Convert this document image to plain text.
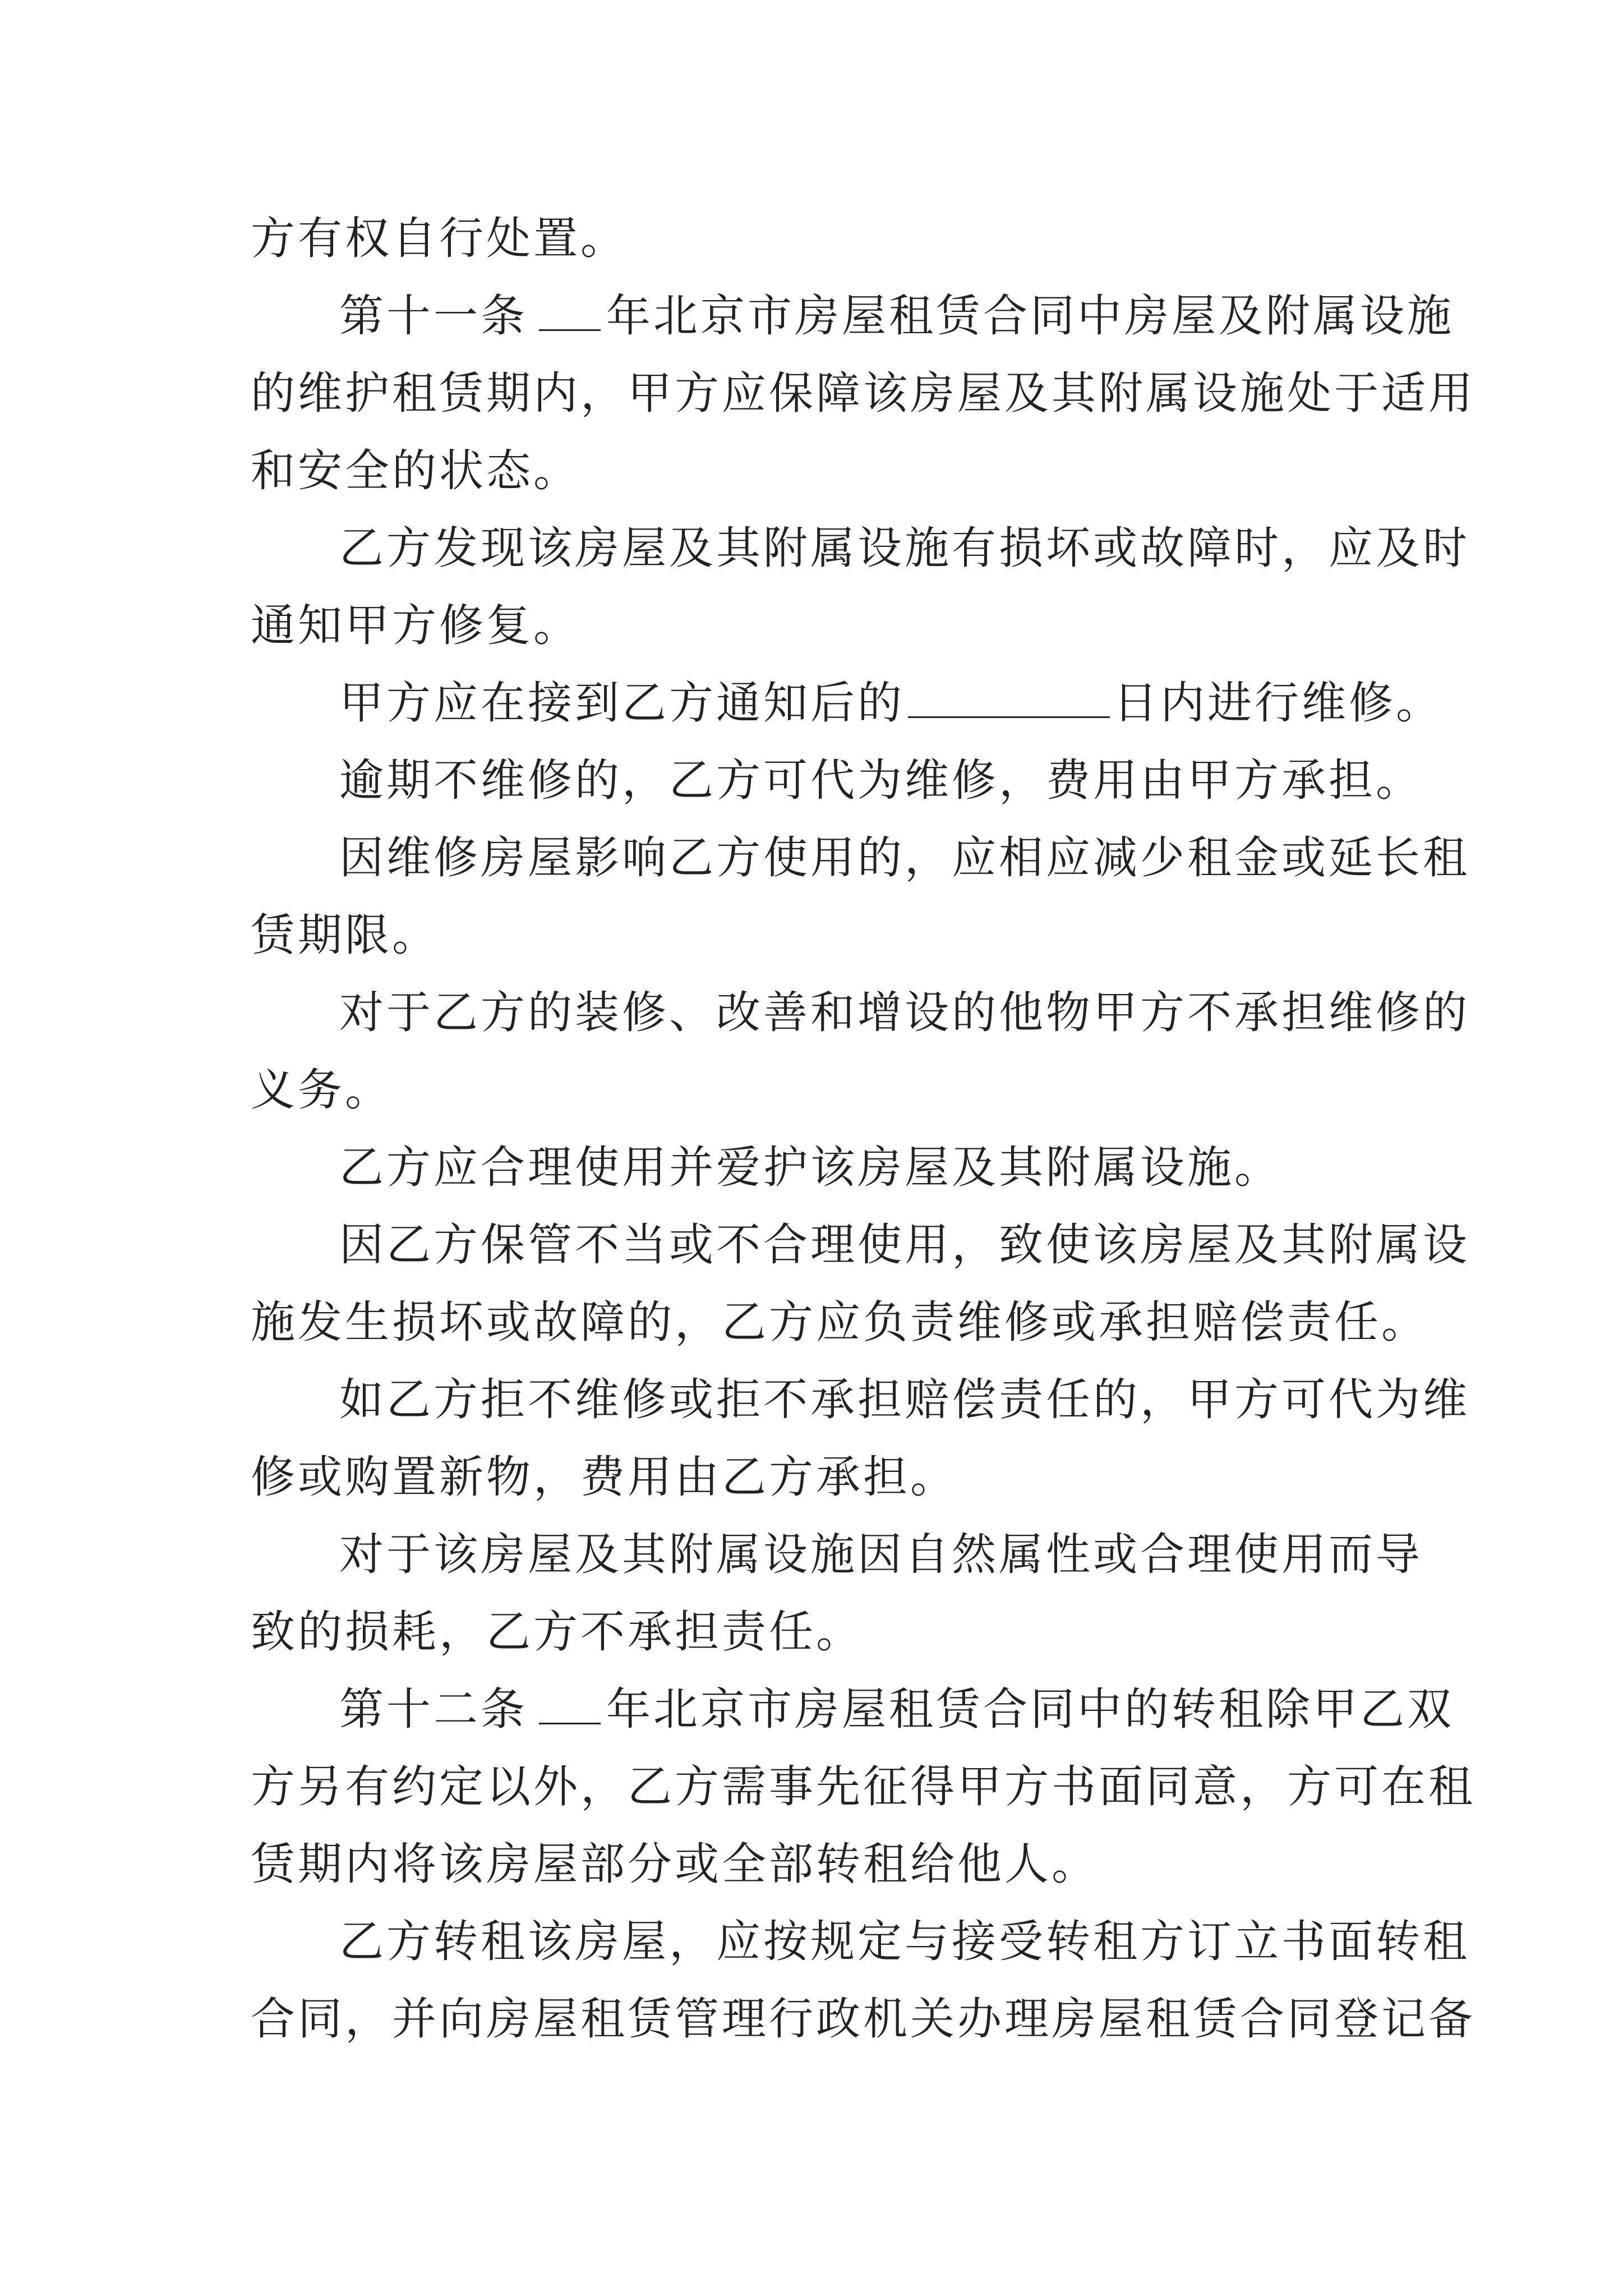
方有权自行处置。
第十一条 年北京市房屋租赁合同中房屋及附属设施
的维护租赁期内，甲方应保障该房屋及其附属设施处于适用
和安全的状态。
乙方发现该房屋及其附属设施有损坏或故障时，应及时
通知甲方修复。
甲方应在接到乙方通知后的	日内进行维修。
逾期不维修的，乙方可代为维修，费用由甲方承担。
因维修房屋影响乙方使用的，应相应减少租金或延长租
赁期限。
对于乙方的装修、改善和增设的他物甲方不承担维修的
义务。
乙方应合理使用并爱护该房屋及其附属设施。
因乙方保管不当或不合理使用，致使该房屋及其附属设
施发生损坏或故障的，乙方应负责维修或承担赔偿责任。
如乙方拒不维修或拒不承担赔偿责任的，甲方可代为维
修或购置新物，费用由乙方承担。
对于该房屋及其附属设施因自然属性或合理使用而导
致的损耗，乙方不承担责任。
第十二条 年北京市房屋租赁合同中的转租除甲乙双
方另有约定以外，乙方需事先征得甲方书面同意，方可在租
赁期内将该房屋部分或全部转租给他人。
乙方转租该房屋，应按规定与接受转租方订立书面转租
合同，并向房屋租赁管理行政机关办理房屋租赁合同登记备
